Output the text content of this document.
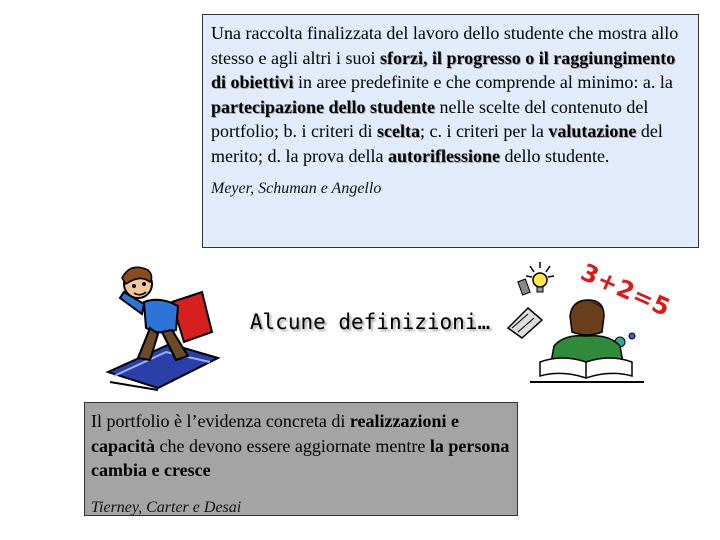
Una raccolta finalizzata del lavoro dello studente che mostra allo stesso e agli altri i suoi sforzi, il progresso o il raggiungimento di obiettivi in aree predefinite e che comprende al minimo: a. la partecipazione dello studente nelle scelte del contenuto del portfolio; b. i criteri di scelta; c. i criteri per la valutazione del merito; d. la prova della autoriflessione dello studente.
Meyer, Schuman e Angello
Alcune definizioni…	3+2=5
Il portfolio è l’evidenza concreta di realizzazioni e capacità che devono essere aggiornate mentre la persona cambia e cresce
Tierney, Carter e Desai
